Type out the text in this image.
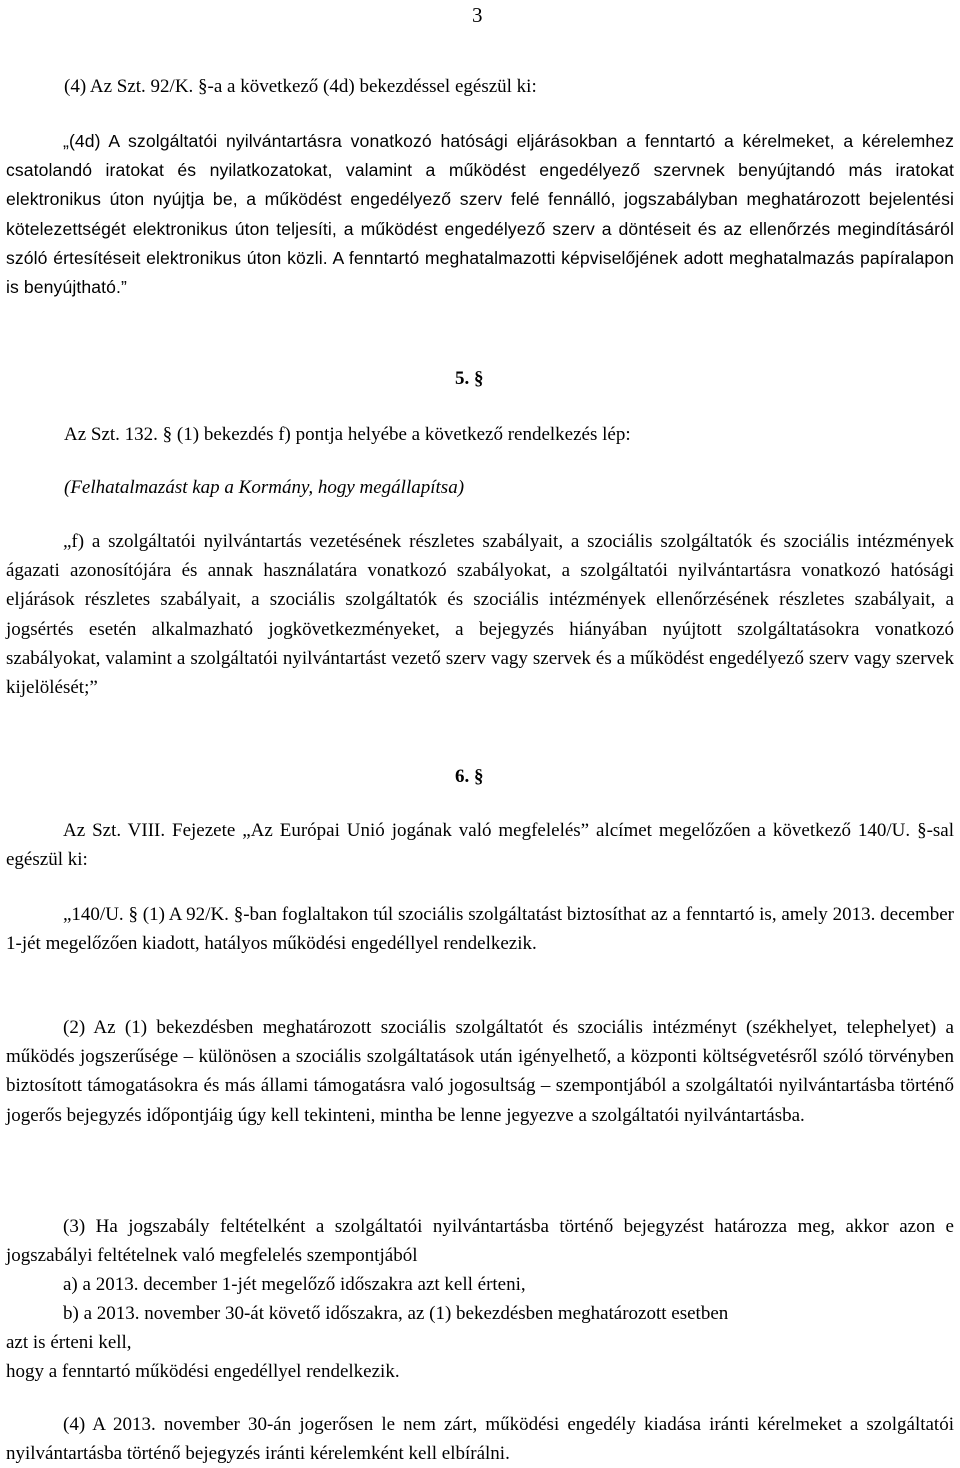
3
(4) Az Szt. 92/K. §-a a következő (4d) bekezdéssel egészül ki:
„(4d) A szolgáltatói nyilvántartásra vonatkozó hatósági eljárásokban a fenntartó a kérelmeket, a kérelemhez csatolandó iratokat és nyilatkozatokat, valamint a működést engedélyező szervnek benyújtandó más iratokat elektronikus úton nyújtja be, a működést engedélyező szerv felé fennálló, jogszabályban meghatározott bejelentési kötelezettségét elektronikus úton teljesíti, a működést engedélyező szerv a döntéseit és az ellenőrzés megindításáról szóló értesítéseit elektronikus úton közli. A fenntartó meghatalmazotti képviselőjének adott meghatalmazás papíralapon is benyújtható.”
5. §
Az Szt. 132. § (1) bekezdés f) pontja helyébe a következő rendelkezés lép:
(Felhatalmazást kap a Kormány, hogy megállapítsa)
„f) a szolgáltatói nyilvántartás vezetésének részletes szabályait, a szociális szolgáltatók és szociális intézmények ágazati azonosítójára és annak használatára vonatkozó szabályokat, a szolgáltatói nyilvántartásra vonatkozó hatósági eljárások részletes szabályait, a szociális szolgáltatók és szociális intézmények ellenőrzésének részletes szabályait, a jogsértés esetén alkalmazható jogkövetkezményeket, a bejegyzés hiányában nyújtott szolgáltatásokra vonatkozó szabályokat, valamint a szolgáltatói nyilvántartást vezető szerv vagy szervek és a működést engedélyező szerv vagy szervek kijelölését;”
6. §
Az Szt. VIII. Fejezete „Az Európai Unió jogának való megfelelés” alcímet megelőzően a következő 140/U. §-sal egészül ki:
„140/U. § (1) A 92/K. §-ban foglaltakon túl szociális szolgáltatást biztosíthat az a fenntartó is, amely 2013. december 1-jét megelőzően kiadott, hatályos működési engedéllyel rendelkezik.
(2) Az (1) bekezdésben meghatározott szociális szolgáltatót és szociális intézményt (székhelyet, telephelyet) a működés jogszerűsége – különösen a szociális szolgáltatások után igényelhető, a központi költségvetésről szóló törvényben biztosított támogatásokra és más állami támogatásra való jogosultság – szempontjából a szolgáltatói nyilvántartásba történő jogerős bejegyzés időpontjáig úgy kell tekinteni, mintha be lenne jegyezve a szolgáltatói nyilvántartásba.
(3) Ha jogszabály feltételként a szolgáltatói nyilvántartásba történő bejegyzést határozza meg, akkor azon e jogszabályi feltételnek való megfelelés szempontjából
a) a 2013. december 1-jét megelőző időszakra azt kell érteni,
b) a 2013. november 30-át követő időszakra, az (1) bekezdésben meghatározott esetben
azt is érteni kell,
hogy a fenntartó működési engedéllyel rendelkezik.
(4) A 2013. november 30-án jogerősen le nem zárt, működési engedély kiadása iránti kérelmeket a szolgáltatói nyilvántartásba történő bejegyzés iránti kérelemként kell elbírálni.
